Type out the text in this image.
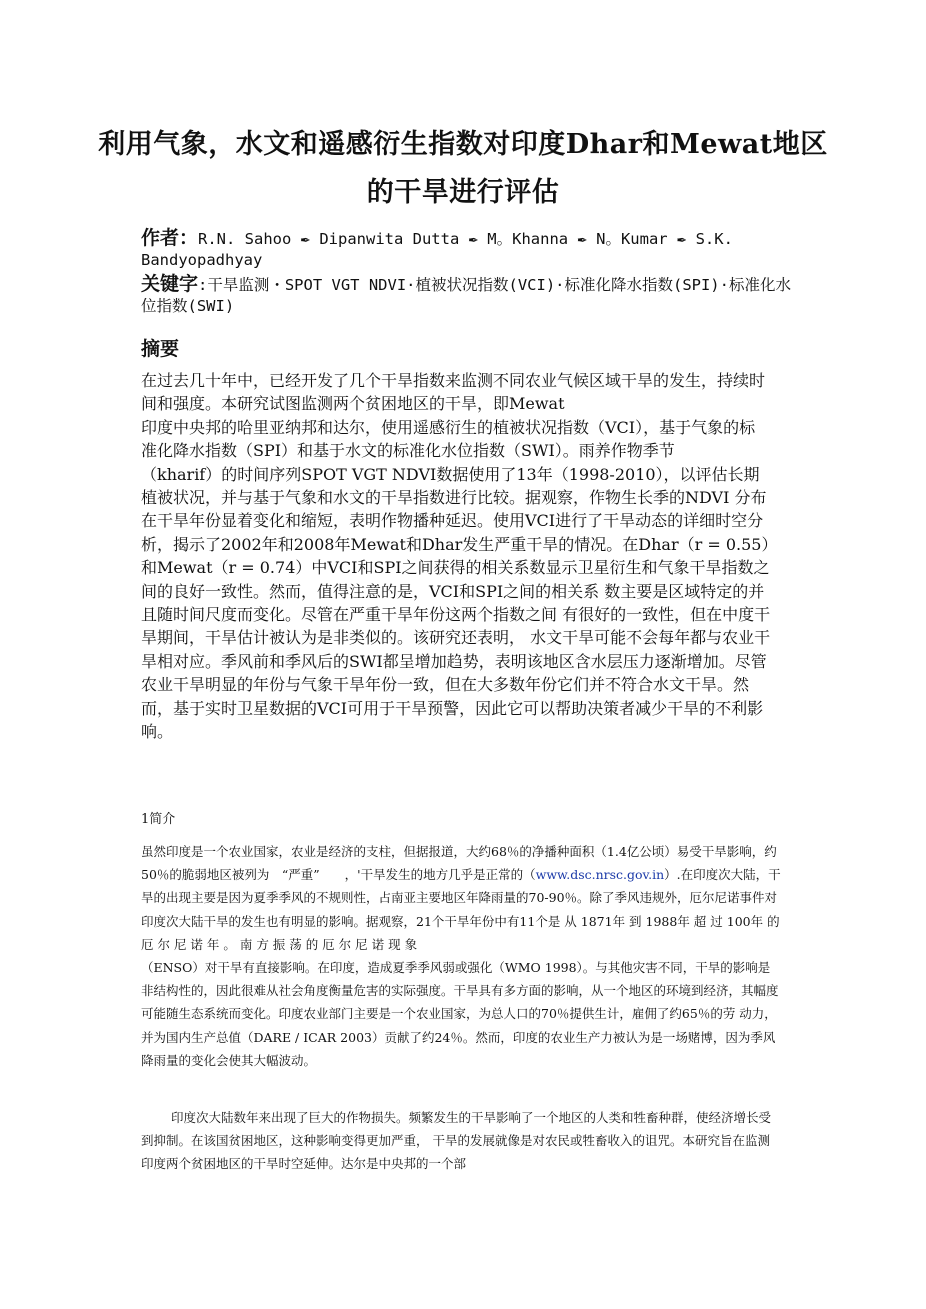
利用气象，水文和遥感衍生指数对印度Dhar和Mewat地区
的干旱进行评估
作者：R.N. Sahoo ✒ Dipanwita Dutta ✒ M。Khanna ✒ N。Kumar ✒ S.K. Bandyopadhyay
关键字:干旱监测・SPOT VGT NDVI·植被状况指数(VCI)·标准化降水指数(SPI)·标准化水位指数(SWI)
摘要

在过去几十年中，已经开发了几个干旱指数来监测不同农业气候区域干旱的发生，持续时间和强度。本研究试图监测两个贫困地区的干旱，即Mewat

印度中央邦的哈里亚纳邦和达尔，使用遥感衍生的植被状况指数（VCI），基于气象的标准化降水指数（SPI）和基于水文的标准化水位指数（SWI）。雨养作物季节

（kharif）的时间序列SPOT VGT NDVI数据使用了13年（1998-2010），以评估长期植被状况，并与基于气象和水文的干旱指数进行比较。据观察，作物生长季的NDVI 分布在干旱年份显着变化和缩短，表明作物播种延迟。使用VCI进行了干旱动态的详细时空分析，揭示了2002年和2008年Mewat和Dhar发生严重干旱的情况。在Dhar（r = 0.55）和Mewat（r = 0.74）中VCI和SPI之间获得的相关系数显示卫星衍生和气象干旱指数之间的良好一致性。然而，值得注意的是，VCI和SPI之间的相关系 数主要是区域特定的并且随时间尺度而变化。尽管在严重干旱年份这两个指数之间 有很好的一致性，但在中度干旱期间，干旱估计被认为是非类似的。该研究还表明， 水文干旱可能不会每年都与农业干旱相对应。季风前和季风后的SWI都呈增加趋势，表明该地区含水层压力逐渐增加。尽管农业干旱明显的年份与气象干旱年份一致，但在大多数年份它们并不符合水文干旱。然而，基于实时卫星数据的VCI可用于干旱预警，因此它可以帮助决策者减少干旱的不利影响。

1简介

虽然印度是一个农业国家，农业是经济的支柱，但据报道，大约68％的净播种面积（1.4亿公顷）易受干旱影响，约50％的脆弱地区被列为　“严重”　　，'干旱发生的地方几乎是正常的（www.dsc.nrsc.gov.in）.在印度次大陆，干旱的出现主要是因为夏季季风的不规则性，占南亚主要地区年降雨量的70-90％。除了季风违规外，厄尔尼诺事件对印度次大陆干旱的发生也有明显的影响。据观察，21个干旱年份中有11个是 从 1871年 到 1988年 超 过 100年 的 厄 尔 尼 诺 年 。 南 方 振 荡 的 厄 尔 尼 诺 现 象
（ENSO）对干旱有直接影响。在印度，造成夏季季风弱或强化（WMO 1998）。与其他灾害不同，干旱的影响是非结构性的，因此很难从社会角度衡量危害的实际强度。干旱具有多方面的影响，从一个地区的环境到经济，其幅度可能随生态系统而变化。印度农业部门主要是一个农业国家，为总人口的70％提供生计，雇佣了约65％的劳 动力，并为国内生产总值（DARE / ICAR 2003）贡献了约24％。然而，印度的农业生产力被认为是一场赌博，因为季风降雨量的变化会使其大幅波动。

印度次大陆数年来出现了巨大的作物损失。频繁发生的干旱影响了一个地区的人类和牲畜种群，使经济增长受到抑制。在该国贫困地区，这种影响变得更加严重， 干旱的发展就像是对农民或牲畜收入的诅咒。本研究旨在监测印度两个贫困地区的干旱时空延伸。达尔是中央邦的一个部
